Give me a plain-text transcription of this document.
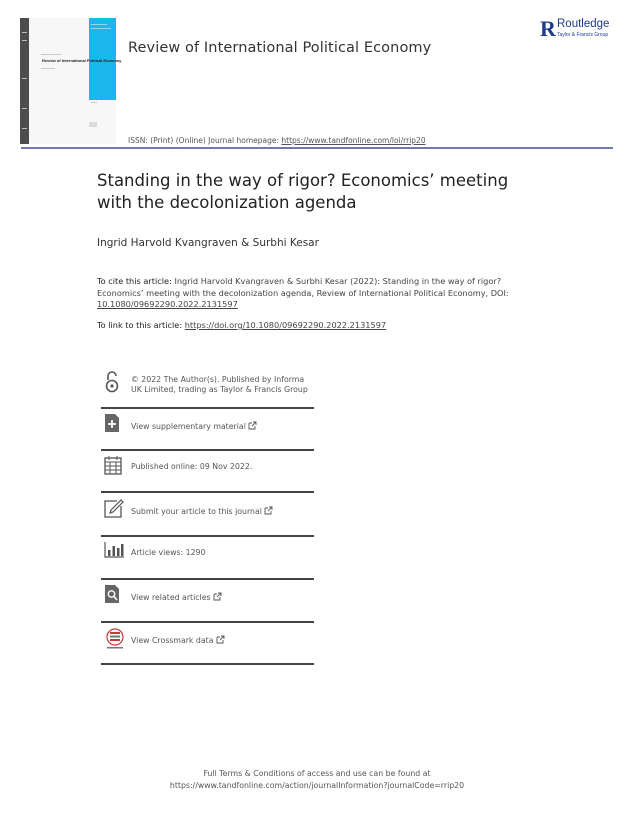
Review of International Political Economy
Review of International Political Economy
R Routledge
Taylor & Francis Group
ISSN: (Print) (Online) Journal homepage: https://www.tandfonline.com/loi/rrip20
Standing in the way of rigor? Economics’ meeting with the decolonization agenda
Ingrid Harvold Kvangraven & Surbhi Kesar
To cite this article: Ingrid Harvold Kvangraven & Surbhi Kesar (2022): Standing in the way of rigor? Economics’ meeting with the decolonization agenda, Review of International Political Economy, DOI: 10.1080/09692290.2022.2131597
To link to this article: https://doi.org/10.1080/09692290.2022.2131597
© 2022 The Author(s). Published by Informa UK Limited, trading as Taylor & Francis Group
View supplementary material
Published online: 09 Nov 2022.
Submit your article to this journal
Article views: 1290
View related articles
View Crossmark data
Full Terms & Conditions of access and use can be found at
https://www.tandfonline.com/action/journalInformation?journalCode=rrip20
